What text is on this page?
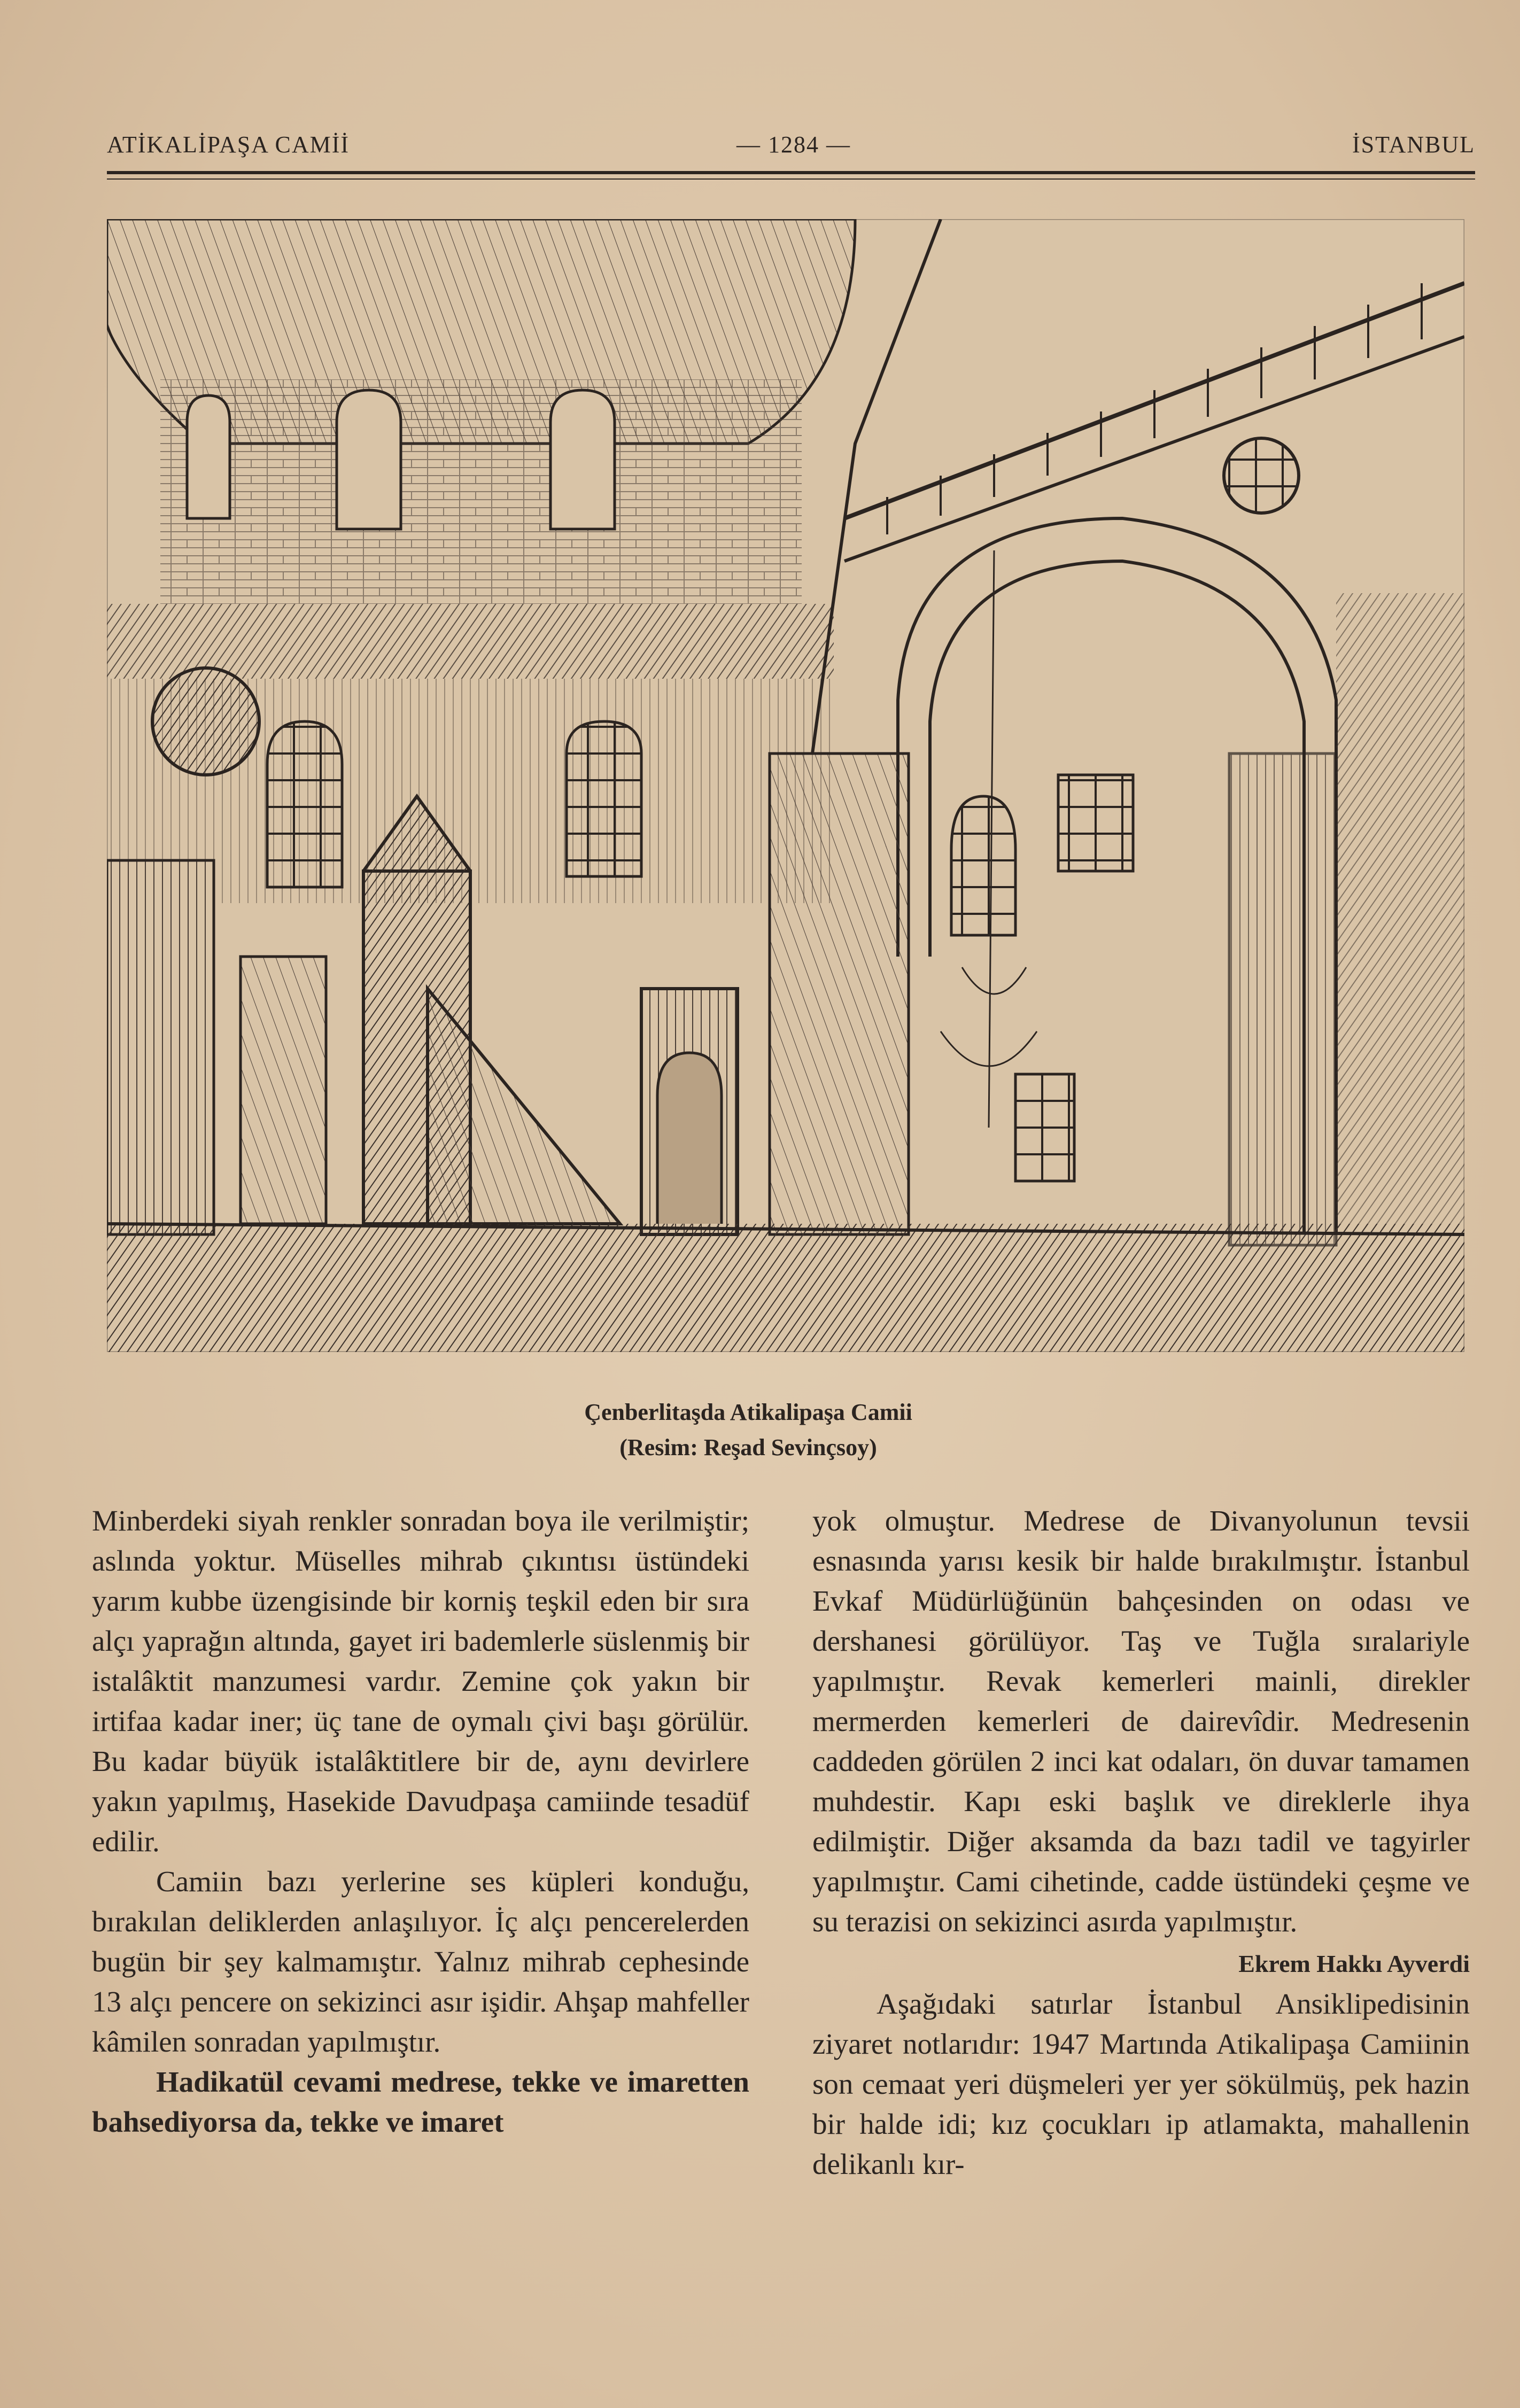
ATİKALİPAŞA CAMİİ	— 1284 —	İSTANBUL
Çenberlitaşda Atikalipaşa Camii
(Resim: Reşad Sevinçsoy)

Minberdeki siyah renkler sonradan boya ile verilmiştir; aslında yoktur. Müselles mihrab çıkıntısı üstündeki yarım kubbe üzengisinde bir korniş teşkil eden bir sıra alçı yaprağın altında, gayet iri bademlerle süslenmiş bir istalâktit manzumesi vardır. Zemine çok yakın bir irtifaa kadar iner; üç tane de oymalı çivi başı görülür. Bu kadar büyük istalâktitlere bir de, aynı devirlere yakın yapılmış, Hasekide Davudpaşa camiinde tesadüf edilir.

Camiin bazı yerlerine ses küpleri konduğu, bırakılan deliklerden anlaşılıyor. İç alçı pencerelerden bugün bir şey kalmamıştır. Yalnız mihrab cephesinde 13 alçı pencere on sekizinci asır işidir. Ahşap mahfeller kâmilen sonradan yapılmıştır.

Hadikatül cevami medrese, tekke ve imaretten bahsediyorsa da, tekke ve imaret

yok olmuştur. Medrese de Divanyolunun tevsii esnasında yarısı kesik bir halde bırakılmıştır. İstanbul Evkaf Müdürlüğünün bahçesinden on odası ve dershanesi görülüyor. Taş ve Tuğla sıralariyle yapılmıştır. Revak kemerleri mainli, direkler mermerden kemerleri de dairevîdir. Medresenin caddeden görülen 2 inci kat odaları, ön duvar tamamen muhdestir. Kapı eski başlık ve direklerle ihya edilmiştir. Diğer aksamda da bazı tadil ve tagyirler yapılmıştır. Cami cihetinde, cadde üstündeki çeşme ve su terazisi on sekizinci asırda yapılmıştır.

Ekrem Hakkı Ayverdi

Aşağıdaki satırlar İstanbul Ansiklipedisinin ziyaret notlarıdır: 1947 Martında Atikalipaşa Camiinin son cemaat yeri düşmeleri yer yer sökülmüş, pek hazin bir halde idi; kız çocukları ip atlamakta, mahallenin delikanlı kır-
